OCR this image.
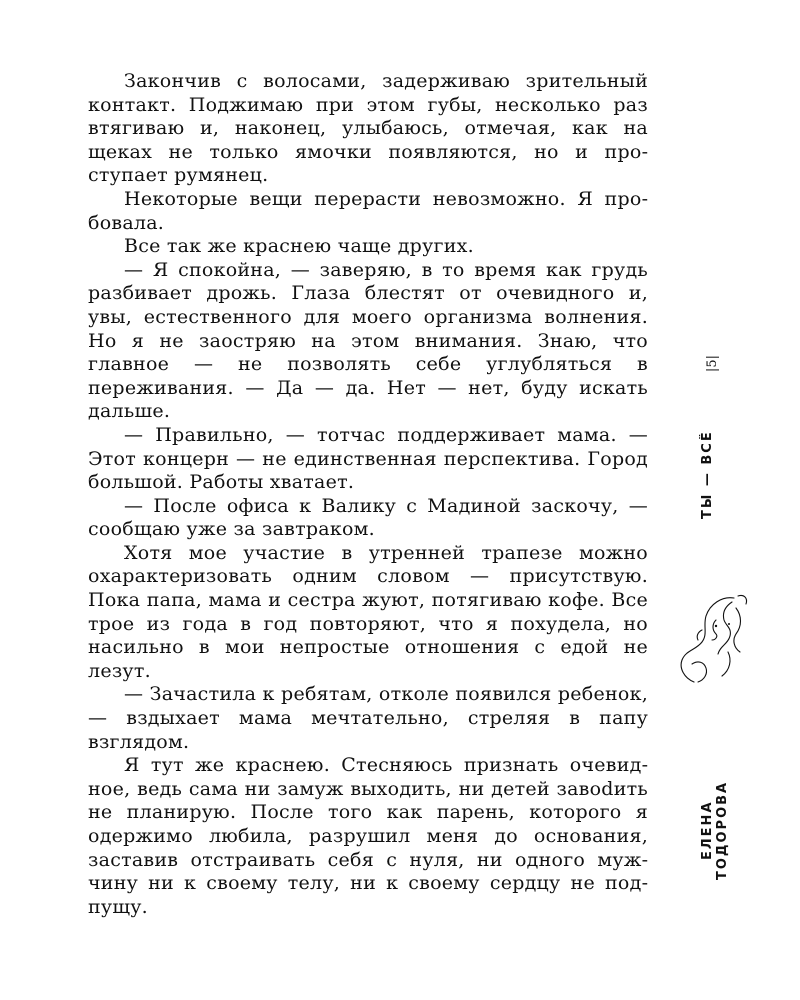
Закончив с волосами, задерживаю зрительный контакт. Поджимаю при этом губы, несколько раз втягиваю и, наконец, улыбаюсь, отмечая, как на щеках не только ямочки появляются, но и проступает румянец.

Некоторые вещи перерасти невозможно. Я пробовала.

Все так же краснею чаще других.

— Я спокойна, — заверяю, в то время как грудь разбивает дрожь. Глаза блестят от очевидного и, увы, естественного для моего организма волнения. Но я не заостряю на этом внимания. Знаю, что главное — не позволять себе углубляться в переживания. — Да — да. Нет — нет, буду искать дальше.

— Правильно, — тотчас поддерживает мама. — Этот концерн — не единственная перспектива. Город большой. Работы хватает.

— После офиса к Валику с Мадиной заскочу, — сообщаю уже за завтраком.

Хотя мое участие в утренней трапезе можно охарактеризовать одним словом — присутствую. Пока папа, мама и сестра жуют, потягиваю кофе. Все трое из года в год повторяют, что я похудела, но насильно в мои непростые отношения с едой не лезут.

— Зачастила к ребятам, отколе появился ребенок, — вздыхает мама мечтательно, стреляя в папу взглядом.

Я тут же краснею. Стесняюсь признать очевидное, ведь сама ни замуж выходить, ни детей завоdить не планирую. После того как парень, которого я одержимо любила, разрушил меня до основания, заставив отстраивать себя с нуля, ни одного мужчину ни к своему телу, ни к своему сердцу не подпущу.

|5|
ТЫ — ВСЁ
ЕЛЕНА ТОДОРОВА
